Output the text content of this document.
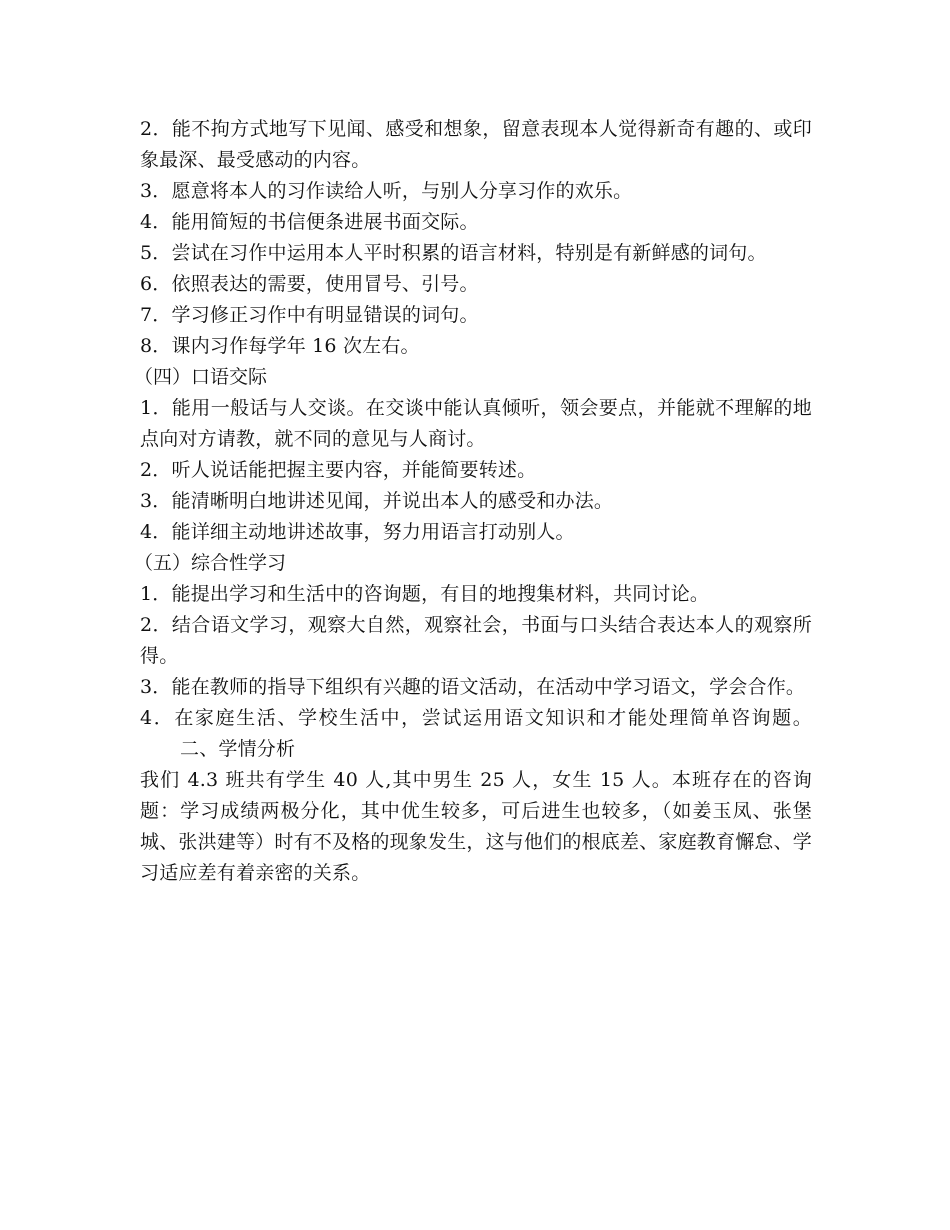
2．能不拘方式地写下见闻、感受和想象，留意表现本人觉得新奇有趣的、或印象最深、最受感动的内容。

3．愿意将本人的习作读给人听，与别人分享习作的欢乐。

4．能用简短的书信便条进展书面交际。

5．尝试在习作中运用本人平时积累的语言材料，特别是有新鲜感的词句。

6．依照表达的需要，使用冒号、引号。

7．学习修正习作中有明显错误的词句。

8．课内习作每学年 16 次左右。

（四）口语交际

1．能用一般话与人交谈。在交谈中能认真倾听，领会要点，并能就不理解的地点向对方请教，就不同的意见与人商讨。

2．听人说话能把握主要内容，并能简要转述。

3．能清晰明白地讲述见闻，并说出本人的感受和办法。

4．能详细主动地讲述故事，努力用语言打动别人。

（五）综合性学习

1．能提出学习和生活中的咨询题，有目的地搜集材料，共同讨论。

2．结合语文学习，观察大自然，观察社会，书面与口头结合表达本人的观察所得。

3．能在教师的指导下组织有兴趣的语文活动，在活动中学习语文，学会合作。

4．在家庭生活、学校生活中，尝试运用语文知识和才能处理简单咨询题。二、学情分析

我们 4.3 班共有学生 40 人,其中男生 25 人，女生 15 人。本班存在的咨询题：学习成绩两极分化，其中优生较多，可后进生也较多，（如姜玉凤、张堡城、张洪建等）时有不及格的现象发生，这与他们的根底差、家庭教育懈怠、学习适应差有着亲密的关系。
